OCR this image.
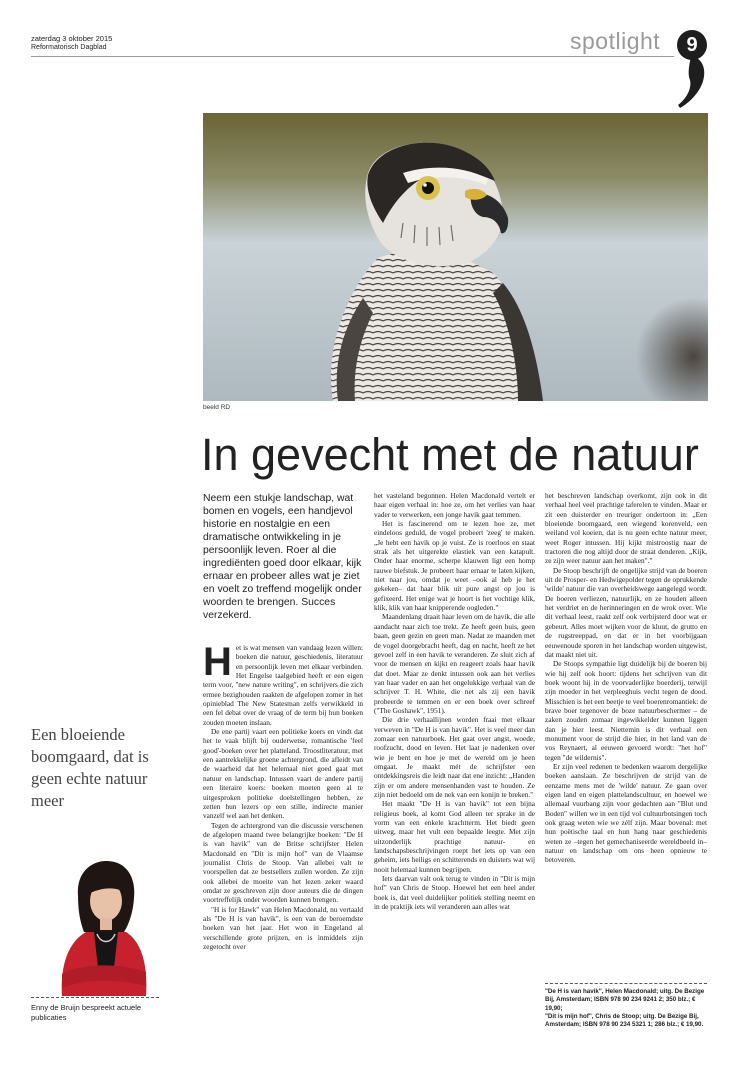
zaterdag 3 oktober 2015
Reformatorisch Dagblad	spotlight	9
beeld RD
In gevecht met de natuur

Neem een stukje landschap, wat bomen en vogels, een handjevol historie en nostalgie en een dramatische ontwikkeling in je persoonlijk leven. Roer al die ingrediënten goed door elkaar, kijk ernaar en probeer alles wat je ziet en voelt zo treffend mogelijk onder woorden te brengen. Succes verzekerd.

H et is wat mensen van vandaag lezen willen: boeken die natuur, geschiedenis, literatuur en persoonlijk leven met elkaar verbinden. Het Engelse taalgebied heeft er een eigen term voor, "new nature writing", en schrijvers die zich ermee bezighouden raakten de afgelopen zomer in het opinieblad The New Statesman zelfs verwikkeld in een fel debat over de vraag of de term bij hun boeken zouden moeten inslaan.

De ene partij vaart een politieke koers en vindt dat het te vaak blijft bij ouderwetse, romantische 'feel good'-boeken over het platteland. Troostliteratuur, met een aantrekkelijke groene achtergrond, die afleidt van de waarheid dat het helemaal niet goed gaat met natuur en landschap. Intussen vaart de andere partij een literaire koers: boeken moeten geen al te uitgesproken politieke doelstellingen hebben, ze zetten hun lezers op een stille, indirecte manier vanzelf wel aan het denken.

Tegen de achtergrond van die discussie verschenen de afgelopen maand twee belangrijke boeken: "De H is van havik" van de Britse schrijfster Helen Macdonald en "Dit is mijn hof" van de Vlaamse journalist Chris de Stoop. Van allebei valt te voorspellen dat ze bestsellers zullen worden. Ze zijn ook allebei de moeite van het lezen zeker waard omdat ze geschreven zijn door auteurs die de dingen voortreffelijk onder woorden kunnen brengen.

"H is for Hawk" van Helen Macdonald, nu vertaald als "De H is van havik", is een van de beroemdste boeken van het jaar. Het won in Engeland al verschillende grote prijzen, en is inmiddels zijn zegetocht over

het vasteland begonnen. Helen Macdonald vertelt er haar eigen verhaal in: hoe ze, om het verlies van haar vader te verwerken, een jonge havik gaat temmen.

Het is fascinerend om te lezen hoe ze, met eindeloos geduld, de vogel probeert 'zeeg' te maken. „Je hebt een havik op je vuist. Ze is roerloos en staat strak als het uitgerekte elastiek van een katapult. Onder haar enorme, scherpe klauwen ligt een homp rauwe biefstuk. Je probeert haar ernaar te laten kijken, niet naar jou, omdat je weet –ook al heb je het gekeken– dat haar blik uit pure angst op jou is gefixeerd. Het enige wat je hoort is het vochtige klik, klik, klik van haar knipperende oogleden."

Maandenlang draait haar leven om de havik, die alle aandacht naar zich toe trekt. Ze heeft geen huis, geen baan, geen gezin en geen man. Nadat ze maanden met de vogel doorgebracht heeft, dag en nacht, heeft ze het gevoel zelf in een havik te veranderen. Ze sluit zich af voor de mensen en kijkt en reageert zoals haar havik dat doet. Maar ze denkt intussen ook aan het verlies van haar vader en aan het ongelukkige verhaal van de schrijver T. H. White, die net als zij een havik probeerde te temmen en er een boek over schreef ("The Goshawk", 1951).

Die drie verhaallijnen worden fraai met elkaar verweven in "De H is van havik". Het is veel meer dan zomaar een natuurboek. Het gaat over angst, woede, roofzucht, dood en leven. Het laat je nadenken over wie je bent en hoe je met de wereld om je heen omgaat. Je maakt mét de schrijfster een ontdekkingsreis die leidt naar dat ene inzicht: „Handen zijn er om andere mensenhanden vast te houden. Ze zijn niet bedoeld om de nek van een konijn te breken."

Het maakt "De H is van havik" tot een bijna religieus boek, al komt God alleen ter sprake in de vorm van een enkele krachtterm. Het biedt geen uitweg, maar het vult een bepaalde leegte. Met zijn uitzonderlijk prachtige natuur- en landschapsbeschrijvingen roept het iets op van een geheim, iets heiligs en schitterends en duisters wat wij nooit helemaal kunnen begrijpen.

Iets daarvan valt ook terug te vinden in "Dit is mijn hof" van Chris de Stoop. Hoewel het een heel ander boek is, dat veel duidelijker politiek stelling neemt en in de praktijk iets wil veranderen aan alles wat

het beschreven landschap overkomt, zijn ook in dit verhaal heel veel prachtige taferelen te vinden. Maar er zit een duisterder en treuriger ondertoon in: „Een bloeiende boomgaard, een wiegend korenveld, een weiland vol koeien, dat is nu geen echte natuur meer, weet Roger intussen. Hij kijkt mistroostig naar de tractoren die nog altijd door de straat denderen. „Kijk, ze zijn weer natuur aan het maken"."

De Stoop beschrijft de ongelijke strijd van de boeren uit de Prosper- en Hedwigepolder tegen de oprukkende 'wilde' natuur die van overheidswege aangelegd wordt. De boeren verliezen, natuurlijk, en ze houden alleen het verdriet en de herinneringen en de wrok over. Wie dit verhaal leest, raakt zelf ook verbijsterd door wat er gebeurt. Alles moet wijken voor de kluut, de grutto en de rugstreeppad, en dat er in het voorbijgaan eeuwenoude sporen in het landschap worden uitgewist, dat maakt niet uit.

De Stoops sympathie ligt duidelijk bij de boeren bij wie hij zelf ook hoort: tijdens het schrijven van dit boek woont hij in de voorvaderlijke boerderij, terwijl zijn moeder in het verpleeghuis vecht tegen de dood. Misschien is het een beetje te veel boerenromantiek: de brave boer tegenover de boze natuurbeschermer – de zaken zouden zomaar ingewikkelder kunnen liggen dan je hier leest. Niettemin is dit verhaal een monument voor de strijd die hier, in het land van de vos Reynaert, al eeuwen gevoerd wordt: "het hof" tegen "de wildernis".

Er zijn veel redenen te bedenken waarom dergelijke boeken aanslaan. Ze beschrijven de strijd van de eenzame mens met de 'wilde' natuur. Ze gaan over eigen land en eigen plattelandscultuur, en hoewel we allemaal vuurbang zijn voor gedachten aan "Blut und Boden" willen we in een tijd vol cultuurbotsingen toch ook graag weten wie we zélf zijn. Maar bovenal: met hun poëtische taal en hun hang naar geschiedenis weten ze –tegen het gemechaniseerde wereldbeeld in– natuur en landschap om ons heen opnieuw te betoveren.

Een bloeiende boomgaard, dat is geen echte natuur meer
Enny de Bruijn bespreekt actuele publicaties
"De H is van havik", Helen Macdonald; uitg. De Bezige Bij, Amsterdam; ISBN 978 90 234 9241 2; 350 blz.; € 19,90;
"Dit is mijn hof", Chris de Stoop; uitg. De Bezige Bij, Amsterdam; ISBN 978 90 234 5321 1; 286 blz.; € 19,90.
